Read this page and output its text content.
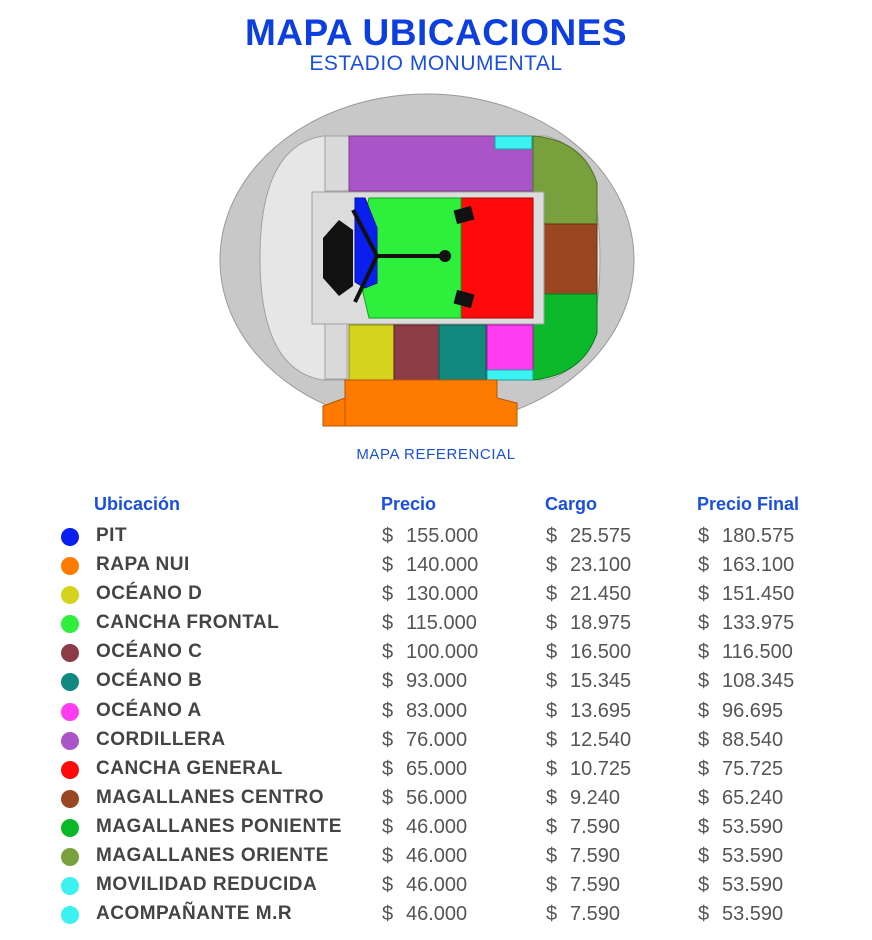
MAPA UBICACIONES
ESTADIO MONUMENTAL
MAPA REFERENCIAL
Ubicación	Precio	Cargo	Precio Final
PIT	$ 155.000	$ 25.575	$ 180.575
RAPA NUI	$ 140.000	$ 23.100	$ 163.100
OCÉANO D	$ 130.000	$ 21.450	$ 151.450
CANCHA FRONTAL	$ 115.000	$ 18.975	$ 133.975
OCÉANO C	$ 100.000	$ 16.500	$ 116.500
OCÉANO B	$ 93.000	$ 15.345	$ 108.345
OCÉANO A	$ 83.000	$ 13.695	$ 96.695
CORDILLERA	$ 76.000	$ 12.540	$ 88.540
CANCHA GENERAL	$ 65.000	$ 10.725	$ 75.725
MAGALLANES CENTRO	$ 56.000	$ 9.240	$ 65.240
MAGALLANES PONIENTE $ 46.000	$ 7.590	$ 53.590
MAGALLANES ORIENTE	$ 46.000	$ 7.590	$ 53.590
MOVILIDAD REDUCIDA	$ 46.000	$ 7.590	$ 53.590
ACOMPAÑANTE M.R	$ 46.000	$ 7.590	$ 53.590
